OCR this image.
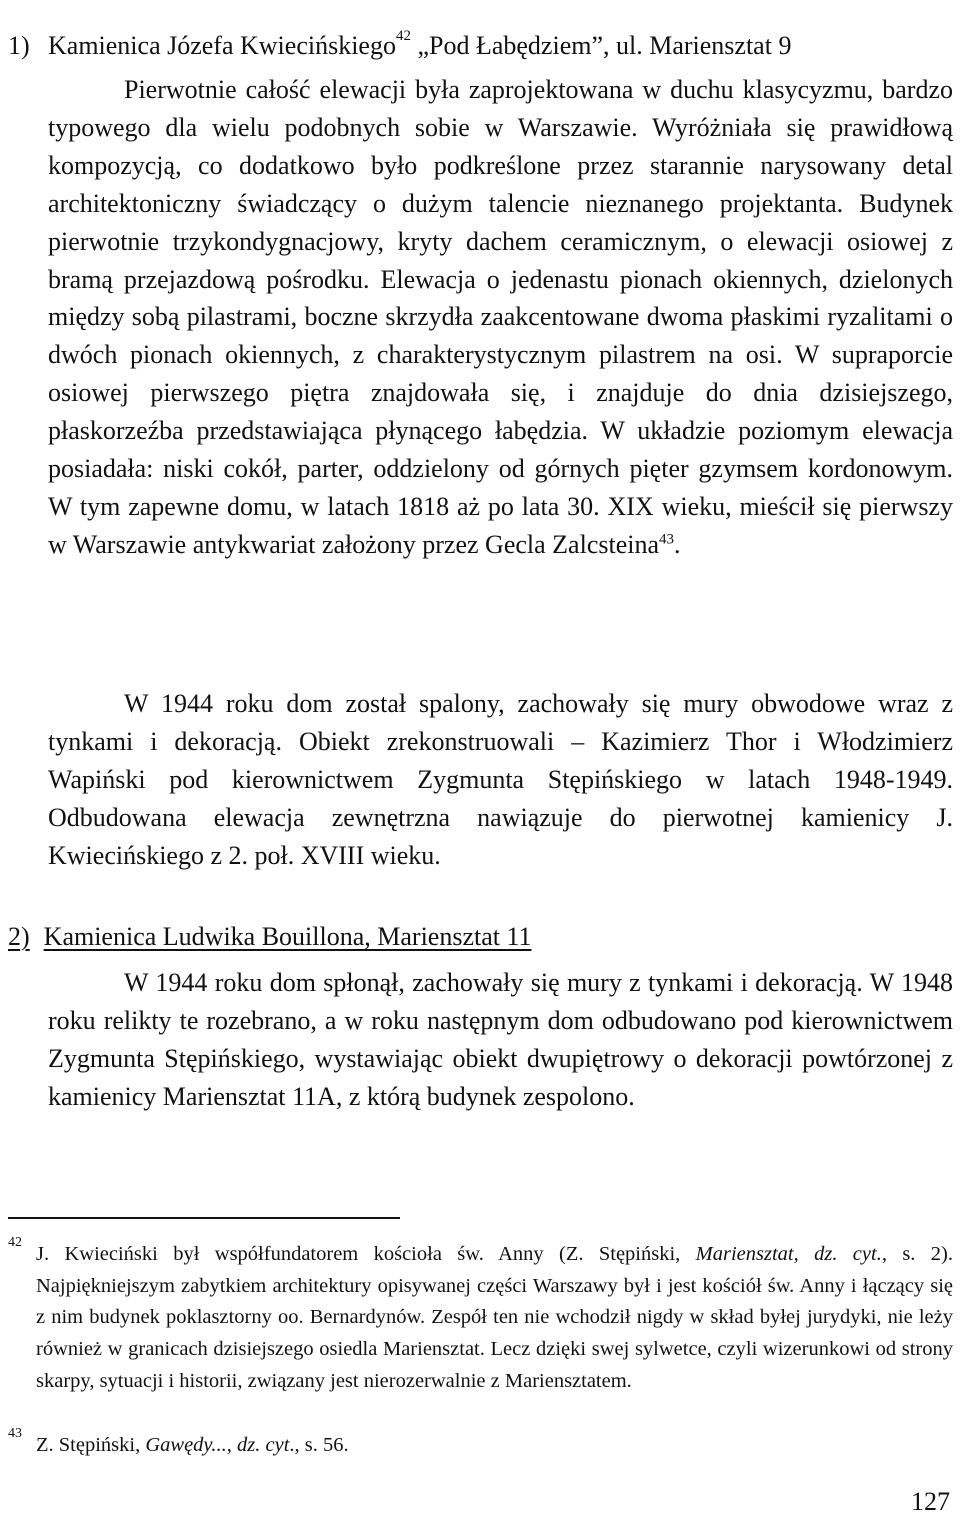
1) Kamienica Józefa Kwiecińskiego$^{42}$ „Pod Łabędziem”, ul. Mariensztat 9

Pierwotnie całość elewacji była zaprojektowana w duchu klasycyzmu, bardzo typowego dla wielu podobnych sobie w Warszawie. Wyróżniała się prawidłową kompozycją, co dodatkowo było podkreślone przez starannie narysowany detal architektoniczny świadczący o dużym talencie nieznanego projektanta. Budynek pierwotnie trzykondygnacjowy, kryty dachem ceramicznym, o elewacji osiowej z bramą przejazdową pośrodku. Elewacja o jedenastu pionach okiennych, dzielonych między sobą pilastrami, boczne skrzydła zaakcentowane dwoma płaskimi ryzalitami o dwóch pionach okiennych, z charakterystycznym pilastrem na osi. W supraporcie osiowej pierwszego piętra znajdowała się, i znajduje do dnia dzisiejszego, płaskorzeźba przedstawiająca płynącego łabędzia. W układzie poziomym elewacja posiadała: niski cokół, parter, oddzielony od górnych pięter gzymsem kordonowym. W tym zapewne domu, w latach 1818 aż po lata 30. XIX wieku, mieścił się pierwszy w Warszawie antykwariat założony przez Gecla Zalcsteina$^{43}$.

W 1944 roku dom został spalony, zachowały się mury obwodowe wraz z tynkami i dekoracją. Obiekt zrekonstruowali – Kazimierz Thor i Włodzimierz Wapiński pod kierownictwem Zygmunta Stępińskiego w latach 1948-1949. Odbudowana elewacja zewnętrzna nawiązuje do pierwotnej kamienicy J. Kwiecińskiego z 2. poł. XVIII wieku.

2) Kamienica Ludwika Bouillona, Mariensztat 11

W 1944 roku dom spłonął, zachowały się mury z tynkami i dekoracją. W 1948 roku relikty te rozebrano, a w roku następnym dom odbudowano pod kierownictwem Zygmunta Stępińskiego, wystawiając obiekt dwupiętrowy o dekoracji powtórzonej z kamienicy Mariensztat 11A, z którą budynek zespolono.

42

J. Kwieciński był współfundatorem kościoła św. Anny (Z. Stępiński, Mariensztat, dz. cyt., s. 2). Najpiękniejszym zabytkiem architektury opisywanej części Warszawy był i jest kościół św. Anny i łączący się z nim budynek poklasztorny oo. Bernardynów. Zespół ten nie wchodził nigdy w skład byłej jurydyki, nie leży również w granicach dzisiejszego osiedla Mariensztat. Lecz dzięki swej sylwetce, czyli wizerunkowi od strony skarpy, sytuacji i historii, związany jest nierozerwalnie z Mariensztatem.

43

Z. Stępiński, Gawędy..., dz. cyt., s. 56.

127
